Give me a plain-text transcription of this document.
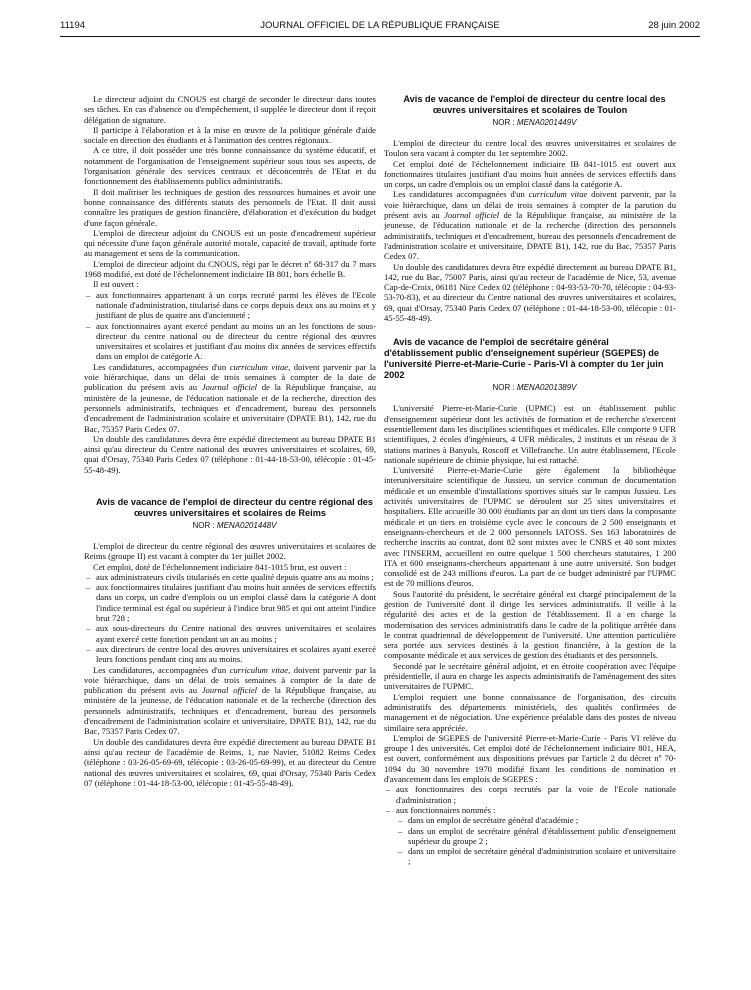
11194	JOURNAL OFFICIEL DE LA RÉPUBLIQUE FRANÇAISE	28 juin 2002

Le directeur adjoint du CNOUS est chargé de seconder le directeur dans toutes ses tâches. En cas d'absence ou d'empêchement, il supplée le directeur dont il reçoit délégation de signature.

Il participe à l'élaboration et à la mise en œuvre de la politique générale d'aide sociale en direction des étudiants et à l'animation des centres régionaux.

A ce titre, il doit posséder une très bonne connaissance du système éducatif, et notamment de l'organisation de l'enseignement supérieur sous tous ses aspects, de l'organisation générale des services centraux et déconcentrés de l'Etat et du fonctionnement des établissements publics administratifs.

Il doit maîtriser les techniques de gestion des ressources humaines et avoir une bonne connaissance des différents statuts des personnels de l'Etat. Il doit aussi connaître les pratiques de gestion financière, d'élaboration et d'exécution du budget d'une façon générale.

L'emploi de directeur adjoint du CNOUS est un poste d'encadrement supérieur qui nécessite d'une façon générale autorité morale, capacité de travail, aptitude forte au management et sens de la communication.

L'emploi de directeur adjoint du CNOUS, régi par le décret nº 68-317 du 7 mars 1968 modifié, est doté de l'échelonnement indiciaire IB 801, hors échelle B.

Il est ouvert :

– aux fonctionnaires appartenant à un corps recruté parmi les élèves de l'Ecole nationale d'administration, titularisé dans ce corps depuis deux ans au moins et y justifiant de plus de quatre ans d'ancienneté ;

– aux fonctionnaires ayant exercé pendant au moins un an les fonctions de sous-directeur du centre national ou de directeur du centre régional des œuvres universitaires et scolaires et justifiant d'au moins dix années de services effectifs dans un emploi de catégorie A.

Les candidatures, accompagnées d'un curriculum vitae, doivent parvenir par la voie hiérarchique, dans un délai de trois semaines à compter de la date de publication du présent avis au Journal officiel de la République française, au ministère de la jeunesse, de l'éducation nationale et de la recherche, direction des personnels administratifs, techniques et d'encadrement, bureau des personnels d'encadrement de l'administration scolaire et universitaire (DPATE B1), 142, rue du Bac, 75357 Paris Cedex 07.

Un double des candidatures devra être expédié directement au bureau DPATE B1 ainsi qu'au directeur du Centre national des œuvres universitaires et scolaires, 69, quai d'Orsay, 75340 Paris Cedex 07 (téléphone : 01-44-18-53-00, télécopie : 01-45-55-48-49).

Avis de vacance de l'emploi de directeur du centre régional des œuvres universitaires et scolaires de Reims

NOR : MENA0201448V

L'emploi de directeur du centre régional des œuvres universitaires et scolaires de Reims (groupe II) est vacant à compter du 1er juillet 2002.

Cet emploi, doté de l'échelonnement indiciaire 841-1015 brut, est ouvert :

– aux administrateurs civils titularisés en cette qualité depuis quatre ans au moins ;

– aux fonctionnaires titulaires justifiant d'au moins huit années de services effectifs dans un corps, un cadre d'emplois ou un emploi classé dans la catégorie A dont l'indice terminal est égal ou supérieur à l'indice brut 985 et qui ont atteint l'indice brut 728 ;

– aux sous-directeurs du Centre national des œuvres universitaires et scolaires ayant exercé cette fonction pendant un an au moins ;

– aux directeurs de centre local des œuvres universitaires et scolaires ayant exercé leurs fonctions pendant cinq ans au moins.

Les candidatures, accompagnées d'un curriculum vitae, doivent parvenir par la voie hiérarchique, dans un délai de trois semaines à compter de la date de publication du présent avis au Journal officiel de la République française, au ministère de la jeunesse, de l'éducation nationale et de la recherche (direction des personnels administratifs, techniques et d'encadrement, bureau des personnels d'encadrement de l'administration scolaire et universitaire, DPATE B1), 142, rue du Bac, 75357 Paris Cedex 07.

Un double des candidatures devra être expédié directement au bureau DPATE B1 ainsi qu'au recteur de l'académie de Reims, 1, rue Navier, 51082 Reims Cedex (téléphone : 03-26-05-69-69, télécopie : 03-26-05-69-99), et au directeur du Centre national des œuvres universitaires et scolaires, 69, quai d'Orsay, 75340 Paris Cedex 07 (téléphone : 01-44-18-53-00, télécopie : 01-45-55-48-49).

Avis de vacance de l'emploi de directeur du centre local des œuvres universitaires et scolaires de Toulon

NOR : MENA0201449V

L'emploi de directeur du centre local des œuvres universitaires et scolaires de Toulon sera vacant à compter du 1er septembre 2002.

Cet emploi doté de l'échelonnement indiciaire IB 841-1015 est ouvert aux fonctionnaires titulaires justifiant d'au moins huit années de services effectifs dans un corps, un cadre d'emplois ou un emploi classé dans la catégorie A.

Les candidatures accompagnées d'un curriculum vitae doivent parvenir, par la voie hiérarchique, dans un délai de trois semaines à compter de la parution du présent avis au Journal officiel de la République française, au ministère de la jeunesse, de l'éducation nationale et de la recherche (direction des personnels administratifs, techniques et d'encadrement, bureau des personnels d'encadrement de l'administration scolaire et universitaire, DPATE B1), 142, rue du Bac, 75357 Paris Cedex 07.

Un double des candidatures devra être expédié directement au bureau DPATE B1, 142, rue du Bac, 75007 Paris, ainsi qu'au recteur de l'académie de Nice, 53, avenue Cap-de-Croix, 06181 Nice Cedex 02 (téléphone : 04-93-53-70-70, télécopie : 04-93-53-70-83), et au directeur du Centre national des œuvres universitaires et scolaires, 69, quai d'Orsay, 75340 Paris Cedex 07 (téléphone : 01-44-18-53-00, télécopie : 01-45-55-48-49).

Avis de vacance de l'emploi de secrétaire général d'établissement public d'enseignement supérieur (SGEPES) de l'université Pierre-et-Marie-Curie - Paris-VI à compter du 1er juin 2002

NOR : MENA0201389V

L'université Pierre-et-Marie-Curie (UPMC) est un établissement public d'enseignement supérieur dont les activités de formation et de recherche s'exercent essentiellement dans les disciplines scientifiques et médicales. Elle comporte 9 UFR scientifiques, 2 écoles d'ingénieurs, 4 UFR médicales, 2 instituts et un réseau de 3 stations marines à Banyuls, Roscoff et Villefranche. Un autre établissement, l'Ecole nationale supérieure de chimie physique, lui est rattaché.

L'université Pierre-et-Marie-Curie gère également la bibliothèque interuniversitaire scientifique de Jussieu, un service commun de documentation médicale et un ensemble d'installations sportives situés sur le campus Jussieu. Les activités universitaires de l'UPMC se déroulent sur 25 sites universitaires et hospitaliers. Elle accueille 30 000 étudiants par an dont un tiers dans la composante médicale et un tiers en troisième cycle avec le concours de 2 500 enseignants et enseignants-chercheurs et de 2 000 personnels IATOSS. Ses 163 laboratoires de recherche inscrits au contrat, dont 82 sont mixtes avec le CNRS et 40 sont mixtes avec l'INSERM, accueillent en outre quelque 1 500 chercheurs statutaires, 1 200 ITA et 600 enseignants-chercheurs appartenant à une autre université. Son budget consolidé est de 243 millions d'euros. La part de ce budget administré par l'UPMC est de 70 millions d'euros.

Sous l'autorité du président, le secrétaire général est chargé principalement de la gestion de l'université dont il dirige les services administratifs. Il veille à la régularité des actes et de la gestion de l'établissement. Il a en charge la modernisation des services administratifs dans le cadre de la politique arrêtée dans le contrat quadriennal de développement de l'université. Une attention particulière sera portée aux services destinés à la gestion financière, à la gestion de la composante médicale et aux services de gestion des étudiants et des personnels.

Secondé par le secrétaire général adjoint, et en étroite coopération avec l'équipe présidentielle, il aura en charge les aspects administratifs de l'aménagement des sites universitaires de l'UPMC.

L'emploi requiert une bonne connaissance de l'organisation, des circuits administratifs des départements ministériels, des qualités confirmées de management et de négociation. Une expérience préalable dans des postes de niveau similaire sera appréciée.

L'emploi de SGEPES de l'université Pierre-et-Marie-Curie - Paris VI relève du groupe I des universités. Cet emploi doté de l'échelonnement indiciaire 801, HEA, est ouvert, conformément aux dispositions prévues par l'article 2 du décret nº 70-1094 du 30 novembre 1970 modifié fixant les conditions de nomination et d'avancement dans les emplois de SGEPES :

– aux fonctionnaires des corps recrutés par la voie de l'Ecole nationale d'administration ;

– aux fonctionnaires nommés :

– dans un emploi de secrétaire général d'académie ;

– dans un emploi de secrétaire général d'établissement public d'enseignement supérieur du groupe 2 ;

– dans un emploi de secrétaire général d'administration scolaire et universitaire ;
